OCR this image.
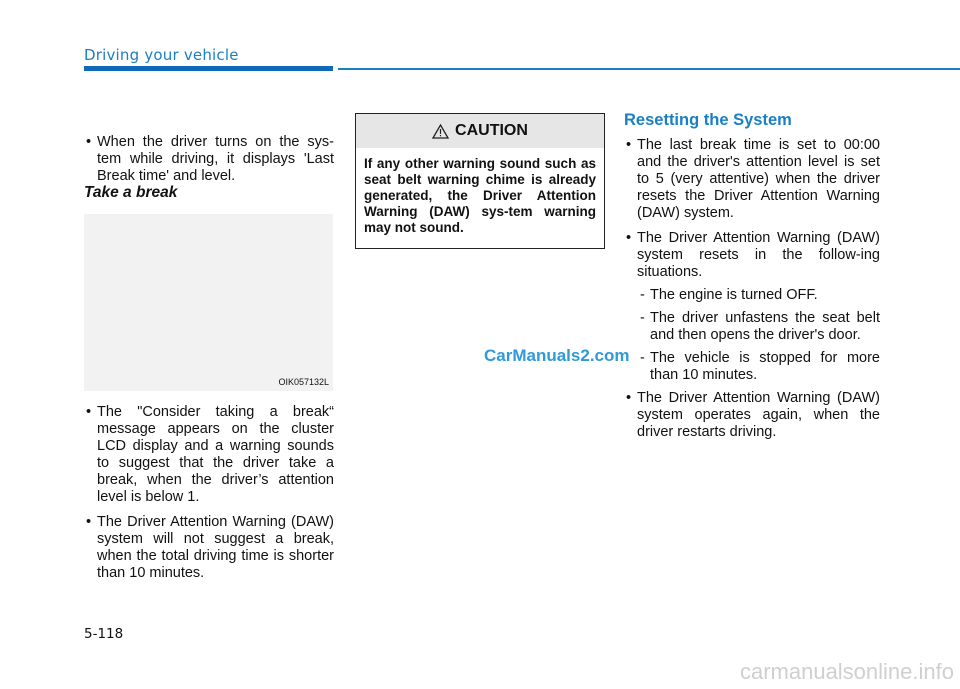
Driving your vehicle
• When the driver turns on the sys-tem while driving, it displays 'Last Break time' and level.
Take a break
OIK057132L
• The "Consider taking a break“ message appears on the cluster LCD display and a warning sounds to suggest that the driver take a break, when the driver’s attention level is below 1.
• The Driver Attention Warning (DAW) system will not suggest a break, when the total driving time is shorter than 10 minutes.
CAUTION
If any other warning sound such as seat belt warning chime is already generated, the Driver Attention Warning (DAW) sys-tem warning may not sound.
CarManuals2.com
Resetting the System
• The last break time is set to 00:00 and the driver's attention level is set to 5 (very attentive) when the driver resets the Driver Attention Warning (DAW) system.
• The Driver Attention Warning (DAW) system resets in the follow-ing situations.
- The engine is turned OFF.
- The driver unfastens the seat belt and then opens the driver's door.
- The vehicle is stopped for more than 10 minutes.
• The Driver Attention Warning (DAW) system operates again, when the driver restarts driving.
5-118
carmanualsonline.info
